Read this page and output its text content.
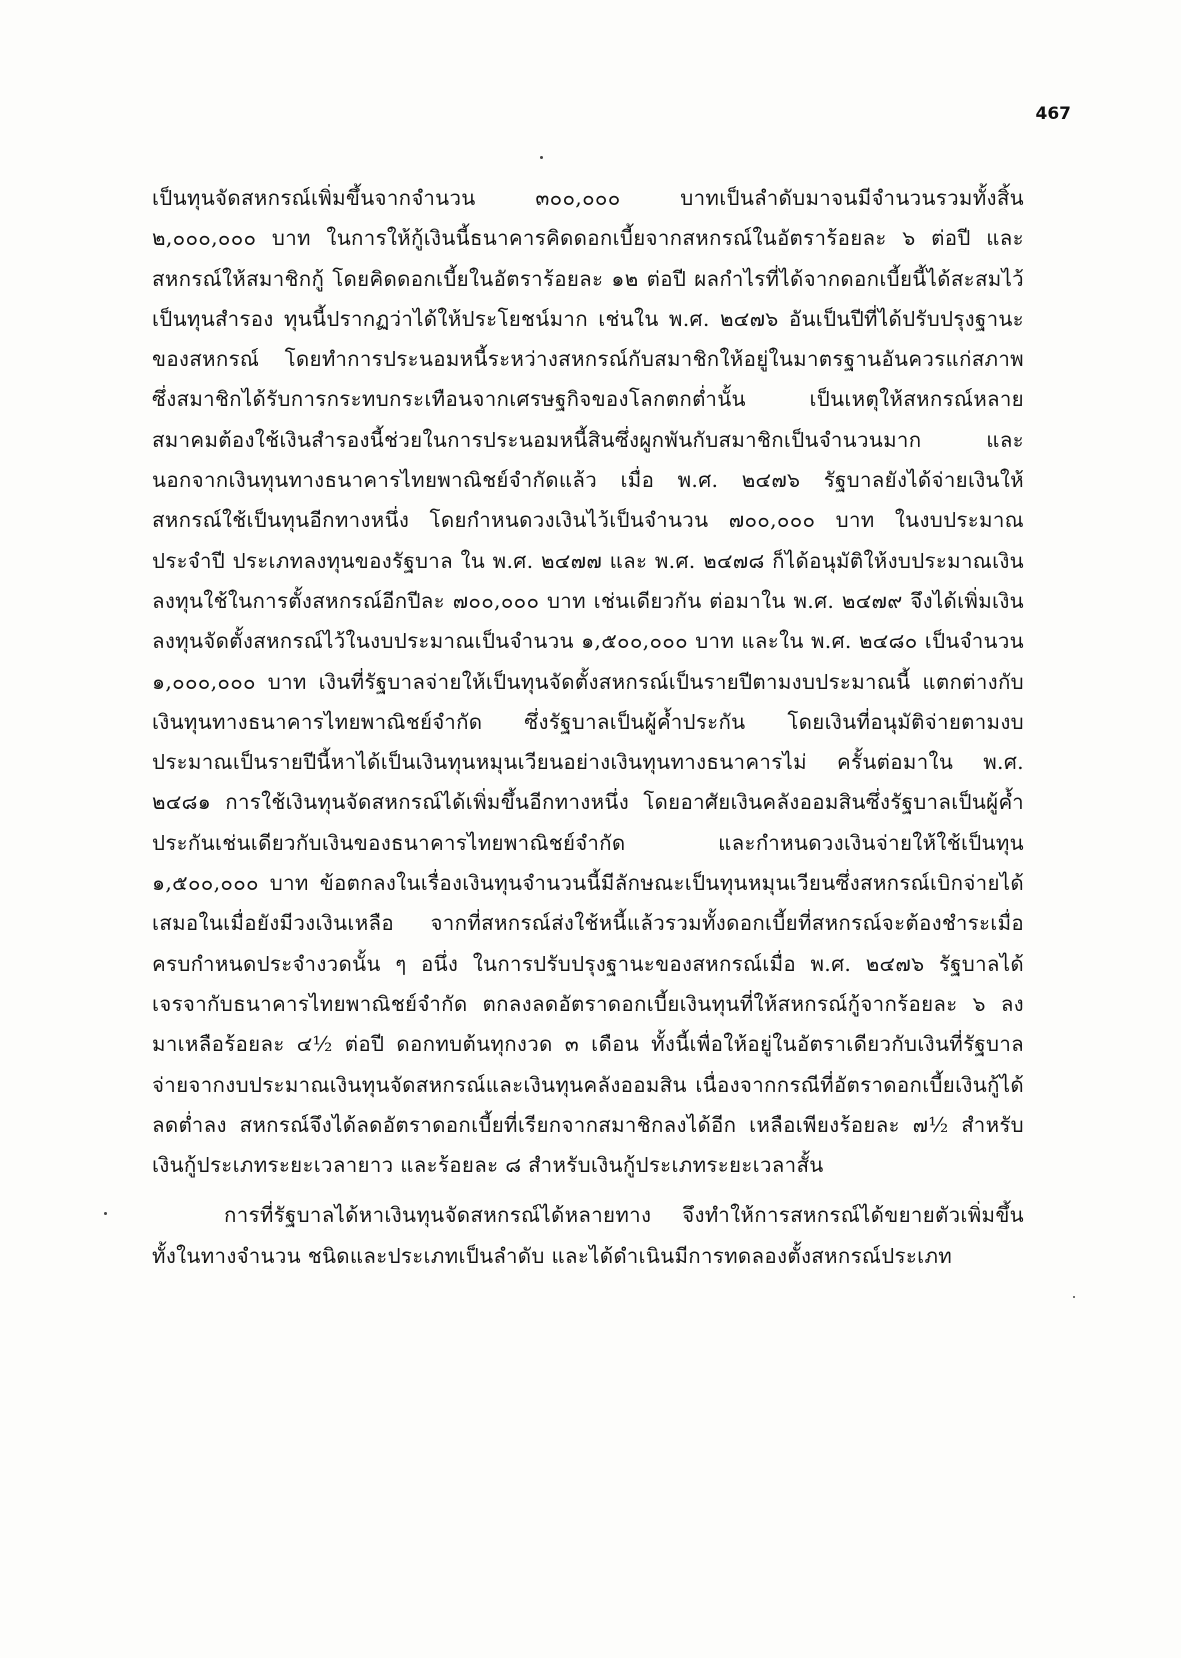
467

เป็นทุนจัดสหกรณ์เพิ่มขึ้นจากจำนวน ๓๐๐,๐๐๐ บาทเป็นลำดับมาจนมีจำนวนรวมทั้งสิ้น ๒,๐๐๐,๐๐๐ บาท ในการให้กู้เงินนี้ธนาคารคิดดอกเบี้ยจากสหกรณ์ในอัตราร้อยละ ๖ ต่อปี และสหกรณ์ให้สมาชิกกู้ โดยคิดดอกเบี้ยในอัตราร้อยละ ๑๒ ต่อปี ผลกำไรที่ได้จากดอกเบี้ยนี้ได้สะสมไว้เป็นทุนสำรอง ทุนนี้ปรากฏว่าได้ให้ประโยชน์มาก เช่นใน พ.ศ. ๒๔๗๖ อันเป็นปีที่ได้ปรับปรุงฐานะของสหกรณ์ โดยทำการประนอมหนี้ระหว่างสหกรณ์กับสมาชิกให้อยู่ในมาตรฐานอันควรแก่สภาพซึ่งสมาชิกได้รับการกระทบกระเทือนจากเศรษฐกิจของโลกตกต่ำนั้น เป็นเหตุให้สหกรณ์หลายสมาคมต้องใช้เงินสำรองนี้ช่วยในการประนอมหนี้สินซึ่งผูกพันกับสมาชิกเป็นจำนวนมาก และนอกจากเงินทุนทางธนาคารไทยพาณิชย์จำกัดแล้ว เมื่อ พ.ศ. ๒๔๗๖ รัฐบาลยังได้จ่ายเงินให้สหกรณ์ใช้เป็นทุนอีกทางหนึ่ง โดยกำหนดวงเงินไว้เป็นจำนวน ๗๐๐,๐๐๐ บาท ในงบประมาณประจำปี ประเภทลงทุนของรัฐบาล ใน พ.ศ. ๒๔๗๗ และ พ.ศ. ๒๔๗๘ ก็ได้อนุมัติให้งบประมาณเงินลงทุนใช้ในการตั้งสหกรณ์อีกปีละ ๗๐๐,๐๐๐ บาท เช่นเดียวกัน ต่อมาใน พ.ศ. ๒๔๗๙ จึงได้เพิ่มเงินลงทุนจัดตั้งสหกรณ์ไว้ในงบประมาณเป็นจำนวน ๑,๕๐๐,๐๐๐ บาท และใน พ.ศ. ๒๔๘๐ เป็นจำนวน ๑,๐๐๐,๐๐๐ บาท เงินที่รัฐบาลจ่ายให้เป็นทุนจัดตั้งสหกรณ์เป็นรายปีตามงบประมาณนี้ แตกต่างกับเงินทุนทางธนาคารไทยพาณิชย์จำกัด ซึ่งรัฐบาลเป็นผู้ค้ำประกัน โดยเงินที่อนุมัติจ่ายตามงบประมาณเป็นรายปีนี้หาได้เป็นเงินทุนหมุนเวียนอย่างเงินทุนทางธนาคารไม่ ครั้นต่อมาใน พ.ศ. ๒๔๘๑ การใช้เงินทุนจัดสหกรณ์ได้เพิ่มขึ้นอีกทางหนึ่ง โดยอาศัยเงินคลังออมสินซึ่งรัฐบาลเป็นผู้ค้ำประกันเช่นเดียวกับเงินของธนาคารไทยพาณิชย์จำกัด และกำหนดวงเงินจ่ายให้ใช้เป็นทุน ๑,๕๐๐,๐๐๐ บาท ข้อตกลงในเรื่องเงินทุนจำนวนนี้มีลักษณะเป็นทุนหมุนเวียนซึ่งสหกรณ์เบิกจ่ายได้เสมอในเมื่อยังมีวงเงินเหลือ จากที่สหกรณ์ส่งใช้หนี้แล้วรวมทั้งดอกเบี้ยที่สหกรณ์จะต้องชำระเมื่อครบกำหนดประจำงวดนั้น ๆ อนึ่ง ในการปรับปรุงฐานะของสหกรณ์เมื่อ พ.ศ. ๒๔๗๖ รัฐบาลได้เจรจากับธนาคารไทยพาณิชย์จำกัด ตกลงลดอัตราดอกเบี้ยเงินทุนที่ให้สหกรณ์กู้จากร้อยละ ๖ ลงมาเหลือร้อยละ ๔½ ต่อปี ดอกทบต้นทุกงวด ๓ เดือน ทั้งนี้เพื่อให้อยู่ในอัตราเดียวกับเงินที่รัฐบาลจ่ายจากงบประมาณเงินทุนจัดสหกรณ์และเงินทุนคลังออมสิน เนื่องจากกรณีที่อัตราดอกเบี้ยเงินกู้ได้ลดต่ำลง สหกรณ์จึงได้ลดอัตราดอกเบี้ยที่เรียกจากสมาชิกลงได้อีก เหลือเพียงร้อยละ ๗½ สำหรับเงินกู้ประเภทระยะเวลายาว และร้อยละ ๘ สำหรับเงินกู้ประเภทระยะเวลาสั้น

การที่รัฐบาลได้หาเงินทุนจัดสหกรณ์ได้หลายทาง จึงทำให้การสหกรณ์ได้ขยายตัวเพิ่มขึ้นทั้งในทางจำนวน ชนิดและประเภทเป็นลำดับ และได้ดำเนินมีการทดลองตั้งสหกรณ์ประเภท
